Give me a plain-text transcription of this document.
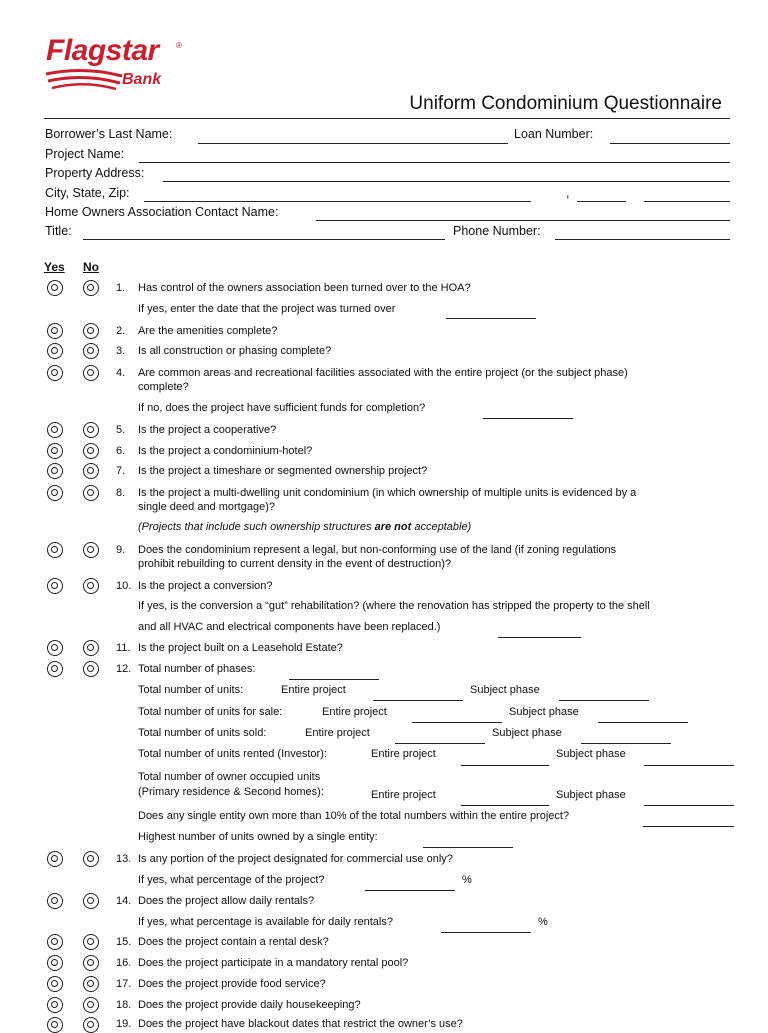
Flagstar ®
Bank
Uniform Condominium Questionnaire
Borrower’s Last Name:	Loan Number:
Project Name:
Property Address:
City, State, Zip:	,
Home Owners Association Contact Name:
Title:	Phone Number:
Yes No
1. Has control of the owners association been turned over to the HOA?
If yes, enter the date that the project was turned over
2. Are the amenities complete?
3. Is all construction or phasing complete?
4. Are common areas and recreational facilities associated with the entire project (or the subject phase)
complete?
If no, does the project have sufficient funds for completion?
5. Is the project a cooperative?
6. Is the project a condominium-hotel?
7. Is the project a timeshare or segmented ownership project?
8. Is the project a multi-dwelling unit condominium (in which ownership of multiple units is evidenced by a
single deed and mortgage)?
(Projects that include such ownership structures are not acceptable)
9. Does the condominium represent a legal, but non-conforming use of the land (if zoning regulations
prohibit rebuilding to current density in the event of destruction)?
10. Is the project a conversion?
If yes, is the conversion a “gut” rehabilitation? (where the renovation has stripped the property to the shell
and all HVAC and electrical components have been replaced.)
11. Is the project built on a Leasehold Estate?
12. Total number of phases:
Total number of units:	Entire project	Subject phase
Total number of units for sale:	Entire project	Subject phase
Total number of units sold:	Entire project	Subject phase
Total number of units rented (Investor):	Entire project	Subject phase
Total number of owner occupied units
(Primary residence & Second homes):	Entire project	Subject phase
Does any single entity own more than 10% of the total numbers within the entire project?
Highest number of units owned by a single entity:
13. Is any portion of the project designated for commercial use only?
If yes, what percentage of the project?	%
14. Does the project allow daily rentals?
If yes, what percentage is available for daily rentals?	%
15. Does the project contain a rental desk?
16. Does the project participate in a mandatory rental pool?
17. Does the project provide food service?
18. Does the project provide daily housekeeping?
19. Does the project have blackout dates that restrict the owner’s use?
